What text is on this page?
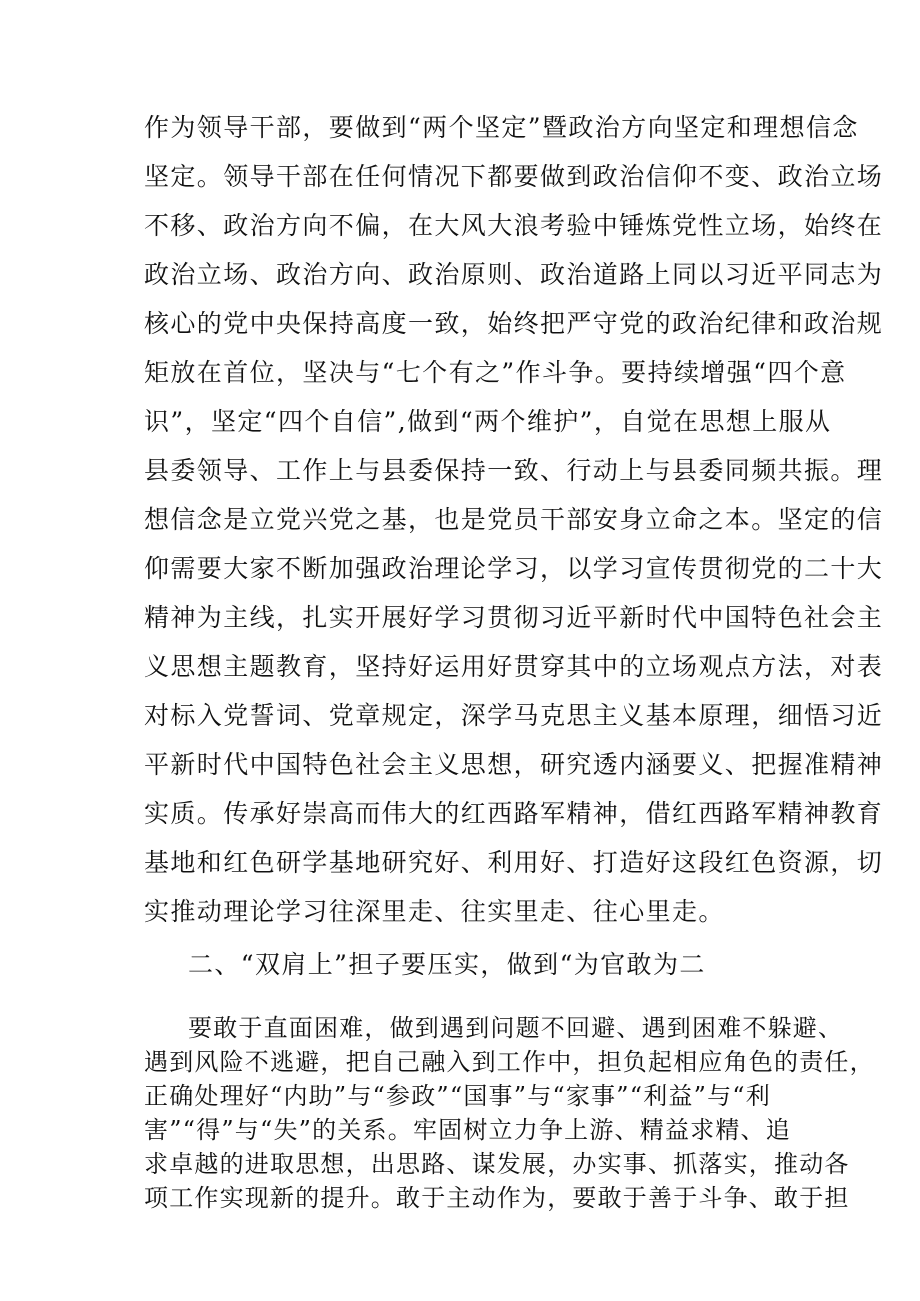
作为领导干部，要做到“两个坚定”暨政治方向坚定和理想信念
坚定。领导干部在任何情况下都要做到政治信仰不变、政治立场
不移、政治方向不偏，在大风大浪考验中锤炼党性立场，始终在
政治立场、政治方向、政治原则、政治道路上同以习近平同志为
核心的党中央保持高度一致，始终把严守党的政治纪律和政治规
矩放在首位，坚决与“七个有之”作斗争。要持续增强“四个意
识”，坚定“四个自信”,做到“两个维护”，自觉在思想上服从
县委领导、工作上与县委保持一致、行动上与县委同频共振。理
想信念是立党兴党之基，也是党员干部安身立命之本。坚定的信
仰需要大家不断加强政治理论学习，以学习宣传贯彻党的二十大
精神为主线，扎实开展好学习贯彻习近平新时代中国特色社会主
义思想主题教育，坚持好运用好贯穿其中的立场观点方法，对表
对标入党誓词、党章规定，深学马克思主义基本原理，细悟习近
平新时代中国特色社会主义思想，研究透内涵要义、把握准精神
实质。传承好崇高而伟大的红西路军精神，借红西路军精神教育
基地和红色研学基地研究好、利用好、打造好这段红色资源，切
实推动理论学习往深里走、往实里走、往心里走。
二、“双肩上”担子要压实，做到“为官敢为二
要敢于直面困难，做到遇到问题不回避、遇到困难不躲避、
遇到风险不逃避，把自己融入到工作中，担负起相应角色的责任，
正确处理好“内助”与“参政”“国事”与“家事”“利益”与“利
害”“得”与“失”的关系。牢固树立力争上游、精益求精、追
求卓越的进取思想，出思路、谋发展，办实事、抓落实，推动各
项工作实现新的提升。敢于主动作为，要敢于善于斗争、敢于担
